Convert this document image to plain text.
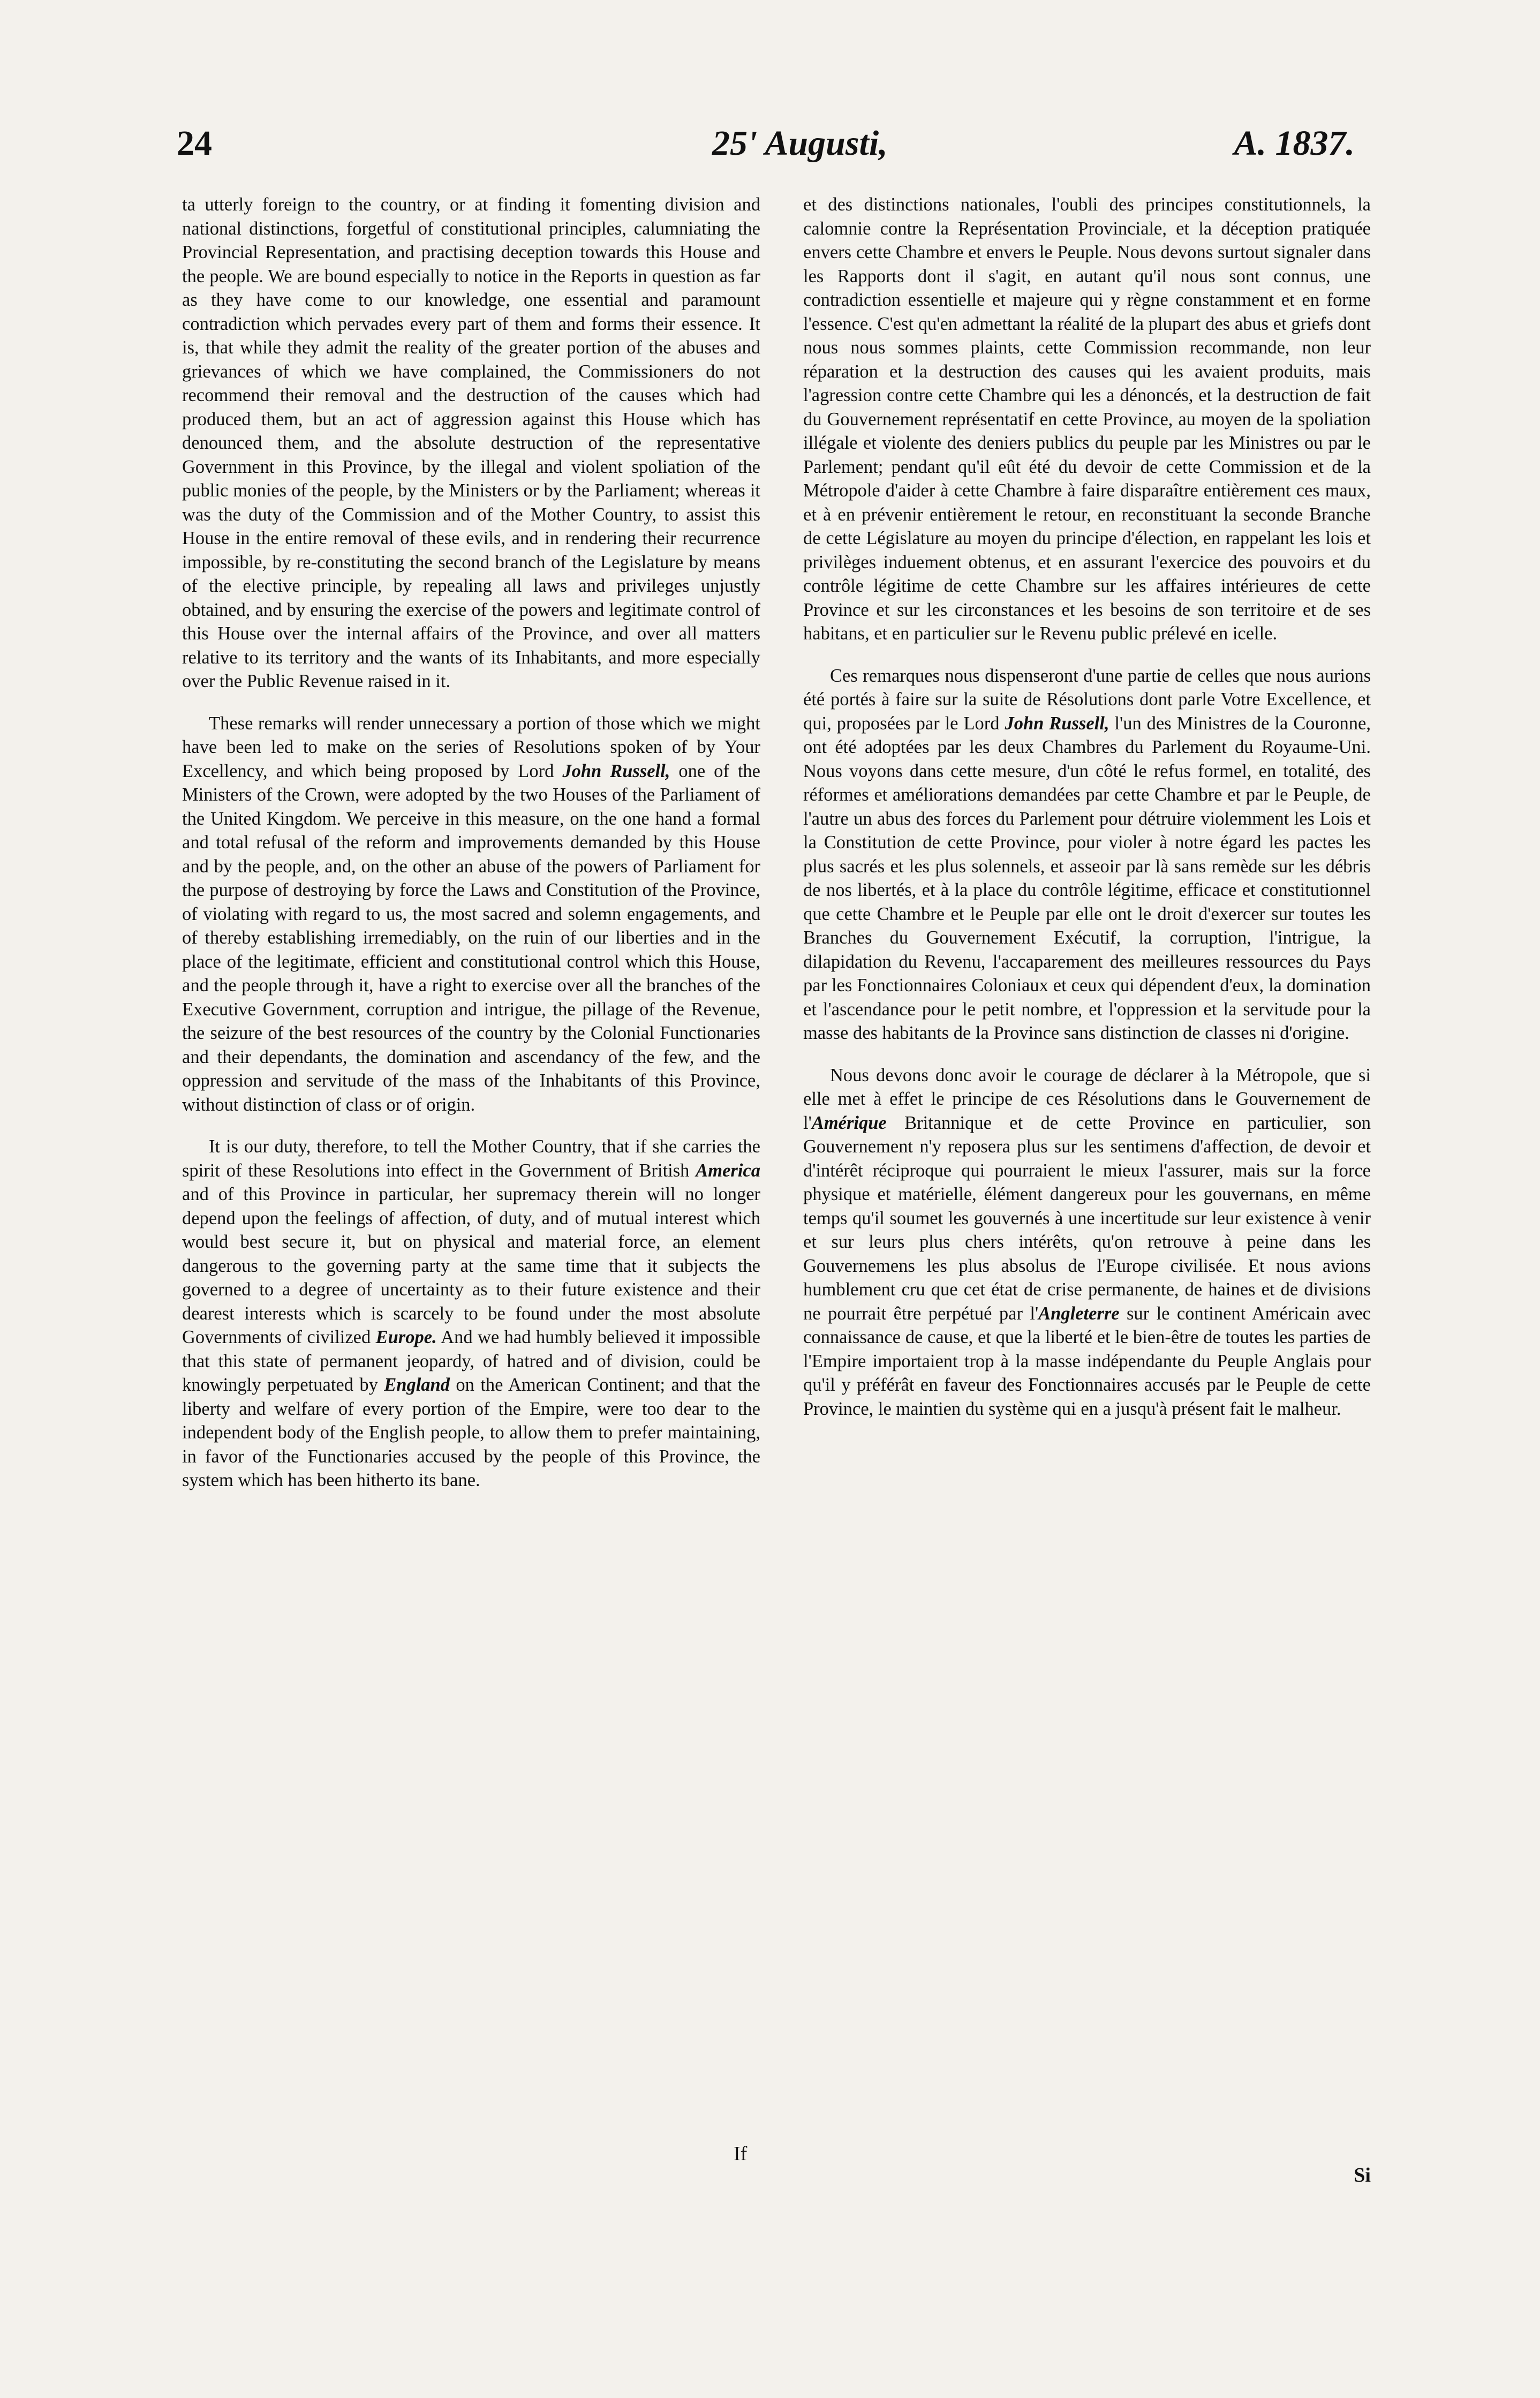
24	25' Augusti,	A. 1837.

ta utterly foreign to the country, or at finding it fomenting division and national distinctions, forgetful of constitutional principles, calumniating the Provincial Representation, and practising deception towards this House and the people. We are bound especially to notice in the Reports in question as far as they have come to our knowledge, one essential and paramount contradiction which pervades every part of them and forms their essence. It is, that while they admit the reality of the greater portion of the abuses and grievances of which we have complained, the Commissioners do not recommend their removal and the destruction of the causes which had produced them, but an act of aggression against this House which has denounced them, and the absolute destruction of the representative Government in this Province, by the illegal and violent spoliation of the public monies of the people, by the Ministers or by the Parliament; whereas it was the duty of the Commission and of the Mother Country, to assist this House in the entire removal of these evils, and in rendering their recurrence impossible, by re-constituting the second branch of the Legislature by means of the elective principle, by repealing all laws and privileges unjustly obtained, and by ensuring the exercise of the powers and legitimate control of this House over the internal affairs of the Province, and over all matters relative to its territory and the wants of its Inhabitants, and more especially over the Public Revenue raised in it.

These remarks will render unnecessary a portion of those which we might have been led to make on the series of Resolutions spoken of by Your Excellency, and which being proposed by Lord John Russell, one of the Ministers of the Crown, were adopted by the two Houses of the Parliament of the United Kingdom. We perceive in this measure, on the one hand a formal and total refusal of the reform and improvements demanded by this House and by the people, and, on the other an abuse of the powers of Parliament for the purpose of destroying by force the Laws and Constitution of the Province, of violating with regard to us, the most sacred and solemn engagements, and of thereby establishing irremediably, on the ruin of our liberties and in the place of the legitimate, efficient and constitutional control which this House, and the people through it, have a right to exercise over all the branches of the Executive Government, corruption and intrigue, the pillage of the Revenue, the seizure of the best resources of the country by the Colonial Functionaries and their dependants, the domination and ascendancy of the few, and the oppression and servitude of the mass of the Inhabitants of this Province, without distinction of class or of origin.

It is our duty, therefore, to tell the Mother Country, that if she carries the spirit of these Resolutions into effect in the Government of British America and of this Province in particular, her supremacy therein will no longer depend upon the feelings of affection, of duty, and of mutual interest which would best secure it, but on physical and material force, an element dangerous to the governing party at the same time that it subjects the governed to a degree of uncertainty as to their future existence and their dearest interests which is scarcely to be found under the most absolute Governments of civilized Europe. And we had humbly believed it impossible that this state of permanent jeopardy, of hatred and of division, could be knowingly perpetuated by England on the American Continent; and that the liberty and welfare of every portion of the Empire, were too dear to the independent body of the English people, to allow them to prefer maintaining, in favor of the Functionaries accused by the people of this Province, the system which has been hitherto its bane.

et des distinctions nationales, l'oubli des principes constitutionnels, la calomnie contre la Représentation Provinciale, et la déception pratiquée envers cette Chambre et envers le Peuple. Nous devons surtout signaler dans les Rapports dont il s'agit, en autant qu'il nous sont connus, une contradiction essentielle et majeure qui y règne constamment et en forme l'essence. C'est qu'en admettant la réalité de la plupart des abus et griefs dont nous nous sommes plaints, cette Commission recommande, non leur réparation et la destruction des causes qui les avaient produits, mais l'agression contre cette Chambre qui les a dénoncés, et la destruction de fait du Gouvernement représentatif en cette Province, au moyen de la spoliation illégale et violente des deniers publics du peuple par les Ministres ou par le Parlement; pendant qu'il eût été du devoir de cette Commission et de la Métropole d'aider à cette Chambre à faire disparaître entièrement ces maux, et à en prévenir entièrement le retour, en reconstituant la seconde Branche de cette Législature au moyen du principe d'élection, en rappelant les lois et privilèges induement obtenus, et en assurant l'exercice des pouvoirs et du contrôle légitime de cette Chambre sur les affaires intérieures de cette Province et sur les circonstances et les besoins de son territoire et de ses habitans, et en particulier sur le Revenu public prélevé en icelle.

Ces remarques nous dispenseront d'une partie de celles que nous aurions été portés à faire sur la suite de Résolutions dont parle Votre Excellence, et qui, proposées par le Lord John Russell, l'un des Ministres de la Couronne, ont été adoptées par les deux Chambres du Parlement du Royaume-Uni. Nous voyons dans cette mesure, d'un côté le refus formel, en totalité, des réformes et améliorations demandées par cette Chambre et par le Peuple, de l'autre un abus des forces du Parlement pour détruire violemment les Lois et la Constitution de cette Province, pour violer à notre égard les pactes les plus sacrés et les plus solennels, et asseoir par là sans remède sur les débris de nos libertés, et à la place du contrôle légitime, efficace et constitutionnel que cette Chambre et le Peuple par elle ont le droit d'exercer sur toutes les Branches du Gouvernement Exécutif, la corruption, l'intrigue, la dilapidation du Revenu, l'accaparement des meilleures ressources du Pays par les Fonctionnaires Coloniaux et ceux qui dépendent d'eux, la domination et l'ascendance pour le petit nombre, et l'oppression et la servitude pour la masse des habitants de la Province sans distinction de classes ni d'origine.

Nous devons donc avoir le courage de déclarer à la Métropole, que si elle met à effet le principe de ces Résolutions dans le Gouvernement de l'Amérique Britannique et de cette Province en particulier, son Gouvernement n'y reposera plus sur les sentimens d'affection, de devoir et d'intérêt réciproque qui pourraient le mieux l'assurer, mais sur la force physique et matérielle, élément dangereux pour les gouvernans, en même temps qu'il soumet les gouvernés à une incertitude sur leur existence à venir et sur leurs plus chers intérêts, qu'on retrouve à peine dans les Gouvernemens les plus absolus de l'Europe civilisée. Et nous avions humblement cru que cet état de crise permanente, de haines et de divisions ne pourrait être perpétué par l'Angleterre sur le continent Américain avec connaissance de cause, et que la liberté et le bien-être de toutes les parties de l'Empire importaient trop à la masse indépendante du Peuple Anglais pour qu'il y préférât en faveur des Fonctionnaires accusés par le Peuple de cette Province, le maintien du système qui en a jusqu'à présent fait le malheur.

If
Si
